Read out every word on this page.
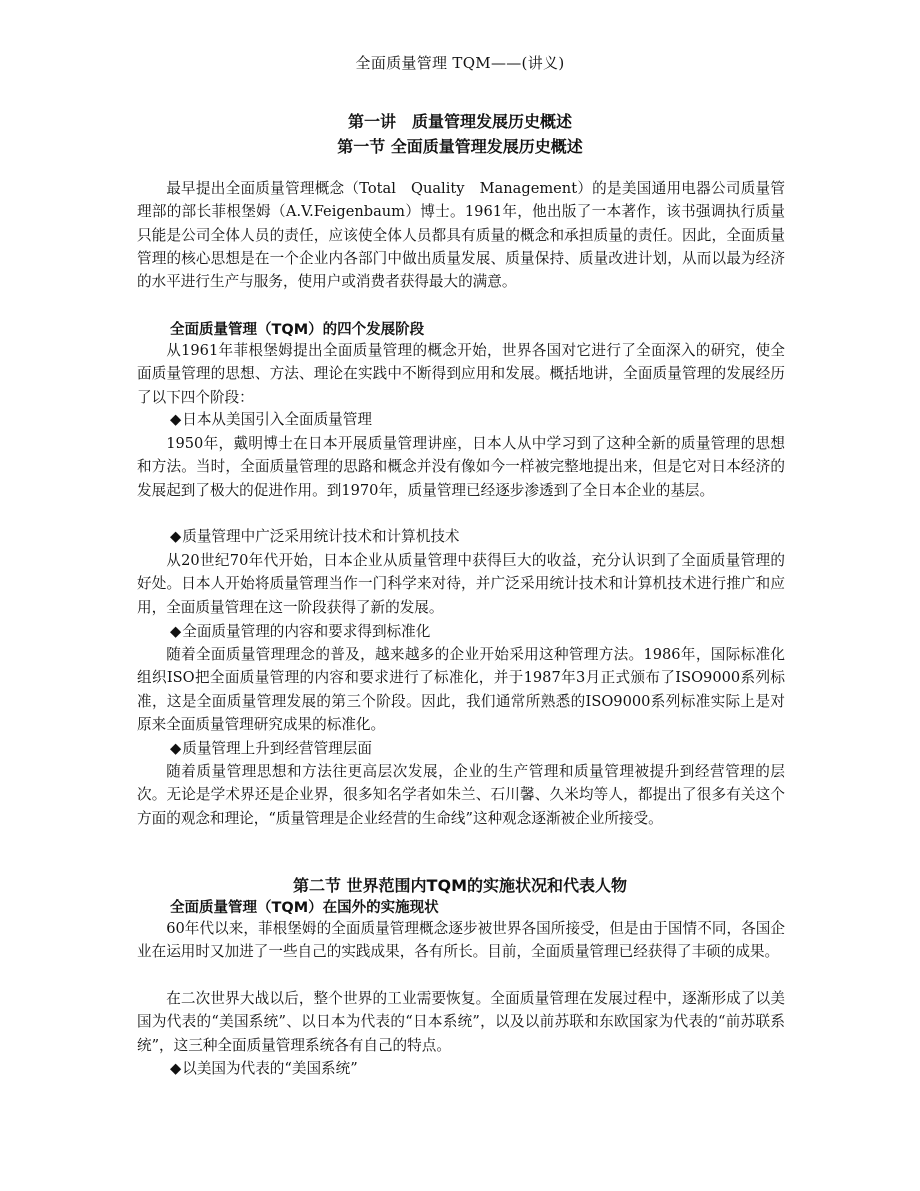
全面质量管理 TQM——(讲义)
第一讲　质量管理发展历史概述
第一节 全面质量管理发展历史概述
最早提出全面质量管理概念（Total　Quality　Management）的是美国通用电器公司质量管理部的部长菲根堡姆（A.V.Feigenbaum）博士。1961年，他出版了一本著作，该书强调执行质量只能是公司全体人员的责任，应该使全体人员都具有质量的概念和承担质量的责任。因此，全面质量管理的核心思想是在一个企业内各部门中做出质量发展、质量保持、质量改进计划，从而以最为经济的水平进行生产与服务，使用户或消费者获得最大的满意。
全面质量管理（TQM）的四个发展阶段
从1961年菲根堡姆提出全面质量管理的概念开始，世界各国对它进行了全面深入的研究，使全面质量管理的思想、方法、理论在实践中不断得到应用和发展。概括地讲，全面质量管理的发展经历了以下四个阶段：
◆日本从美国引入全面质量管理
1950年，戴明博士在日本开展质量管理讲座，日本人从中学习到了这种全新的质量管理的思想和方法。当时，全面质量管理的思路和概念并没有像如今一样被完整地提出来，但是它对日本经济的发展起到了极大的促进作用。到1970年，质量管理已经逐步渗透到了全日本企业的基层。
◆质量管理中广泛采用统计技术和计算机技术
从20世纪70年代开始，日本企业从质量管理中获得巨大的收益，充分认识到了全面质量管理的好处。日本人开始将质量管理当作一门科学来对待，并广泛采用统计技术和计算机技术进行推广和应用，全面质量管理在这一阶段获得了新的发展。
◆全面质量管理的内容和要求得到标准化
随着全面质量管理理念的普及，越来越多的企业开始采用这种管理方法。1986年，国际标准化组织ISO把全面质量管理的内容和要求进行了标准化，并于1987年3月正式颁布了ISO9000系列标准，这是全面质量管理发展的第三个阶段。因此，我们通常所熟悉的ISO9000系列标准实际上是对原来全面质量管理研究成果的标准化。
◆质量管理上升到经营管理层面
随着质量管理思想和方法往更高层次发展，企业的生产管理和质量管理被提升到经营管理的层次。无论是学术界还是企业界，很多知名学者如朱兰、石川馨、久米均等人，都提出了很多有关这个方面的观念和理论，“质量管理是企业经营的生命线”这种观念逐渐被企业所接受。
第二节 世界范围内TQM的实施状况和代表人物
全面质量管理（TQM）在国外的实施现状
60年代以来，菲根堡姆的全面质量管理概念逐步被世界各国所接受，但是由于国情不同，各国企业在运用时又加进了一些自己的实践成果，各有所长。目前，全面质量管理已经获得了丰硕的成果。
在二次世界大战以后，整个世界的工业需要恢复。全面质量管理在发展过程中，逐渐形成了以美国为代表的“美国系统”、以日本为代表的“日本系统”，以及以前苏联和东欧国家为代表的“前苏联系统”，这三种全面质量管理系统各有自己的特点。
◆以美国为代表的“美国系统”
